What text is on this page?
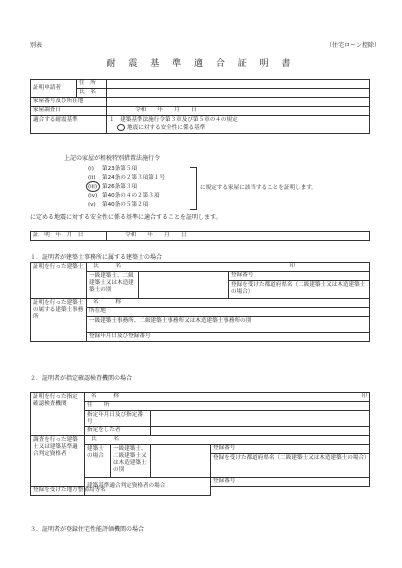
別表	（住宅ローン控除）
耐 震 基 準 適 合 証 明 書
証明申請者	住　所	
	氏　名	
家屋番号及び所在地		
家屋調査日		令和　　年　　月　　日
適合する耐震基準		１　建築基準法施行令第３章及び第５章の４の規定
地震に対する安全性に係る基準
上記の家屋が租税特別措置法施行令
(i) 第23条第５項
(ii) 第24条の２第３項第１号
(iii) 第26条第３項
(iv) 第40条の４の２第３項
(v) 第40条の５第２項
に規定する家屋に該当することを証明します。
に定める地震に対する安全性に係る基準に適合することを証明します。
証　明　年　月　日	令和　　年　　月　　日
１．証明者が建築士事務所に属する建築士の場合
証明を行った建築士	氏　　　名 印		

	一級建築士、二級建築士又は木造建築士の別		登録番号
			登録を受けた都道府県名（二級建築士又は木造建築士の場合）

証明を行った建築士の属する建築士事務所	名　　　称		
	所在地		
	一級建築士事務所、二級建築士事務所又は木造建築士事務所の別		
	登録年月日及び登録番号		
２．証明者が指定確認検査機関の場合
証明を行った指定確認検査機関	名　　　称 印			

	住　　所			
	指定年月日及び指定番号			
	指定をした者			
調査を行った建築士又は建築基準適合判定資格者	氏　　　名			
	建築士の場合	一級建築士、二級建築士又は木造建築士の別		登録番号
				登録を受けた都道府県名（二級建築士又は木造建築士の場合）

	建築基準適合判定資格者の場合			登録番号
登録を受けた地方整備局等名				
３．証明者が登録住宅性能評価機関の場合
